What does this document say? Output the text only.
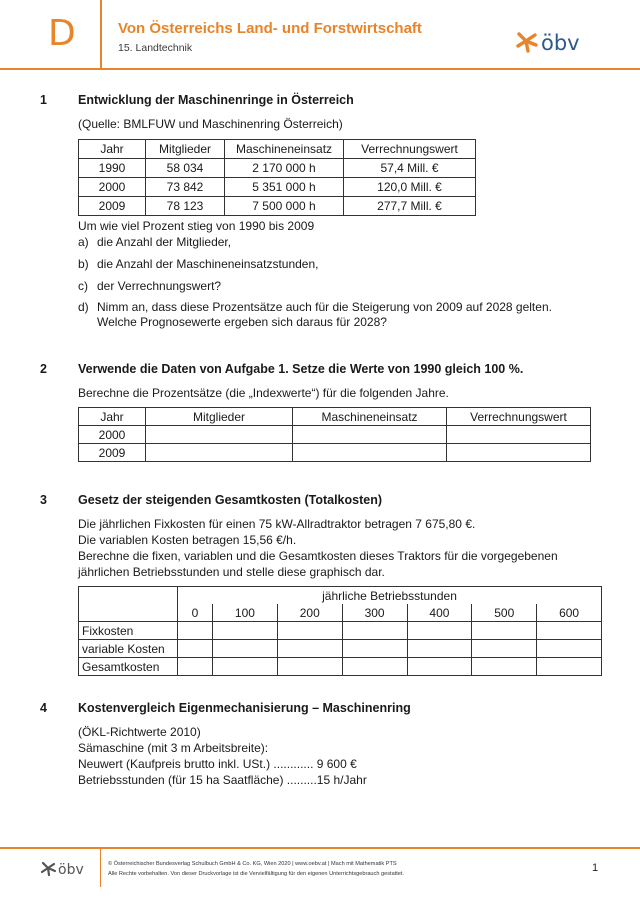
D	Von Österreichs Land- und Forstwirtschaft
15. Landtechnik	öbv
1 Entwicklung der Maschinenringe in Österreich
(Quelle: BMLFUW und Maschinenring Österreich)
Jahr	Mitglieder	Maschineneinsatz	Verrechnungswert
1990	58 034	2 170 000 h	57,4 Mill. €
2000	73 842	5 351 000 h	120,0 Mill. €
2009	78 123	7 500 000 h	277,7 Mill. €
Um wie viel Prozent stieg von 1990 bis 2009
a) die Anzahl der Mitglieder,
b) die Anzahl der Maschineneinsatzstunden,
c) der Verrechnungswert?
d) Nimm an, dass diese Prozentsätze auch für die Steigerung von 2009 auf 2028 gelten.
Welche Prognosewerte ergeben sich daraus für 2028?
2 Verwende die Daten von Aufgabe 1. Setze die Werte von 1990 gleich 100 %.
Berechne die Prozentsätze (die „Indexwerte“) für die folgenden Jahre.
Jahr	Mitglieder	Maschineneinsatz	Verrechnungswert
2000			
2009			
3 Gesetz der steigenden Gesamtkosten (Totalkosten)
Die jährlichen Fixkosten für einen 75 kW-Allradtraktor betragen 7 675,80 €.
Die variablen Kosten betragen 15,56 €/h.
Berechne die fixen, variablen und die Gesamtkosten dieses Traktors für die vorgegebenen
jährlichen Betriebsstunden und stelle diese graphisch dar.
	jährliche Betriebsstunden						
	0	100	200	300	400	500	600
Fixkosten							
variable Kosten							
Gesamtkosten							
4 Kostenvergleich Eigenmechanisierung – Maschinenring
(ÖKL-Richtwerte 2010)
Sämaschine (mit 3 m Arbeitsbreite):
Neuwert (Kaufpreis brutto inkl. USt.) ............ 9 600 €
Betriebsstunden (für 15 ha Saatfläche) .........15 h/Jahr
öbv	© Österreichischer Bundesverlag Schulbuch GmbH & Co. KG, Wien 2020 | www.oebv.at | Mach mit Mathematik PTS
Alle Rechte vorbehalten. Von dieser Druckvorlage ist die Vervielfältigung für den eigenen Unterrichtsgebrauch gestattet.	1
